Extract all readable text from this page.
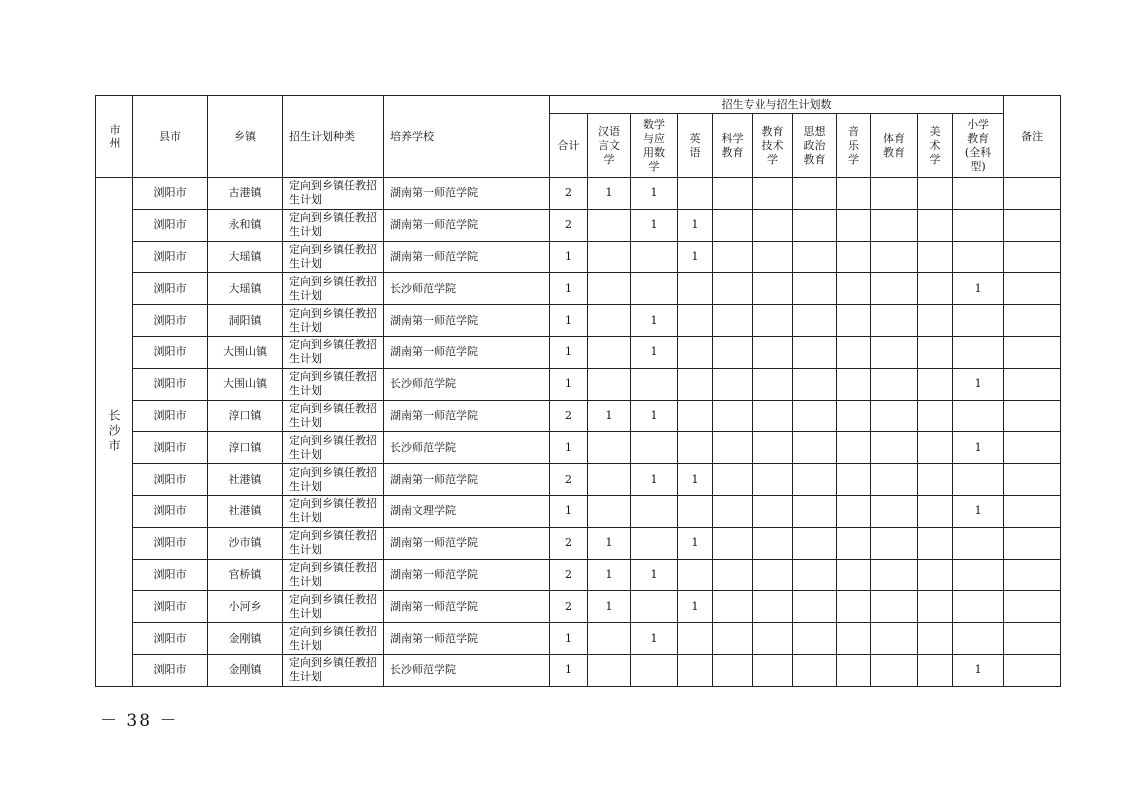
市州	县市	乡镇	招生计划种类	培养学校	招生专业与招生计划数											备注
					合计	汉语言文学	数学与应用数学	英语	科学教育	教育技术学	思想政治教育	音乐学	体育教育	美术学	小学教育(全科型)	
长沙市	浏阳市	古港镇	定向到乡镇任教招生计划	湖南第一师范学院	2	1	1									
	浏阳市	永和镇	定向到乡镇任教招生计划	湖南第一师范学院	2		1	1								
	浏阳市	大瑶镇	定向到乡镇任教招生计划	湖南第一师范学院	1			1								
	浏阳市	大瑶镇	定向到乡镇任教招生计划	长沙师范学院	1										1	
	浏阳市	洞阳镇	定向到乡镇任教招生计划	湖南第一师范学院	1		1									
	浏阳市	大围山镇	定向到乡镇任教招生计划	湖南第一师范学院	1		1									
	浏阳市	大围山镇	定向到乡镇任教招生计划	长沙师范学院	1										1	
	浏阳市	淳口镇	定向到乡镇任教招生计划	湖南第一师范学院	2	1	1									
	浏阳市	淳口镇	定向到乡镇任教招生计划	长沙师范学院	1										1	
	浏阳市	社港镇	定向到乡镇任教招生计划	湖南第一师范学院	2		1	1								
	浏阳市	社港镇	定向到乡镇任教招生计划	湖南文理学院	1										1	
	浏阳市	沙市镇	定向到乡镇任教招生计划	湖南第一师范学院	2	1		1								
	浏阳市	官桥镇	定向到乡镇任教招生计划	湖南第一师范学院	2	1	1									
	浏阳市	小河乡	定向到乡镇任教招生计划	湖南第一师范学院	2	1		1								
	浏阳市	金刚镇	定向到乡镇任教招生计划	湖南第一师范学院	1		1									
	浏阳市	金刚镇	定向到乡镇任教招生计划	长沙师范学院	1										1	
－ 38 －
